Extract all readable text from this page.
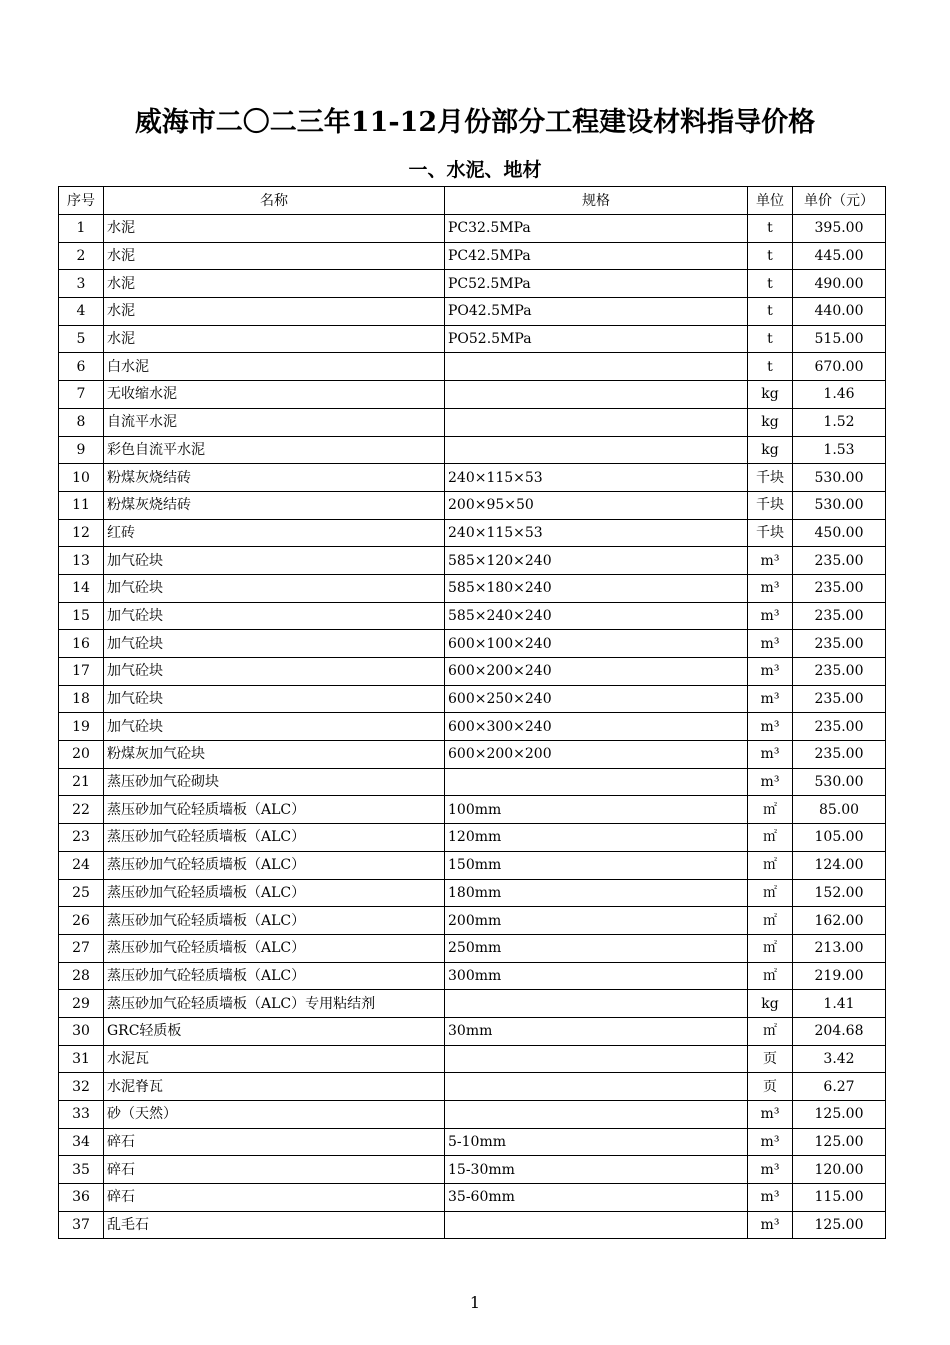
威海市二〇二三年11-12月份部分工程建设材料指导价格
一、水泥、地材
序号	名称	规格	单位	单价（元）
1	水泥	PC32.5MPa	t	395.00
2	水泥	PC42.5MPa	t	445.00
3	水泥	PC52.5MPa	t	490.00
4	水泥	PO42.5MPa	t	440.00
5	水泥	PO52.5MPa	t	515.00
6	白水泥		t	670.00
7	无收缩水泥		kg	1.46
8	自流平水泥		kg	1.52
9	彩色自流平水泥		kg	1.53
10	粉煤灰烧结砖	240×115×53	千块	530.00
11	粉煤灰烧结砖	200×95×50	千块	530.00
12	红砖	240×115×53	千块	450.00
13	加气砼块	585×120×240	m³	235.00
14	加气砼块	585×180×240	m³	235.00
15	加气砼块	585×240×240	m³	235.00
16	加气砼块	600×100×240	m³	235.00
17	加气砼块	600×200×240	m³	235.00
18	加气砼块	600×250×240	m³	235.00
19	加气砼块	600×300×240	m³	235.00
20	粉煤灰加气砼块	600×200×200	m³	235.00
21	蒸压砂加气砼砌块		m³	530.00
22	蒸压砂加气砼轻质墙板（ALC）	100mm	㎡	85.00
23	蒸压砂加气砼轻质墙板（ALC）	120mm	㎡	105.00
24	蒸压砂加气砼轻质墙板（ALC）	150mm	㎡	124.00
25	蒸压砂加气砼轻质墙板（ALC）	180mm	㎡	152.00
26	蒸压砂加气砼轻质墙板（ALC）	200mm	㎡	162.00
27	蒸压砂加气砼轻质墙板（ALC）	250mm	㎡	213.00
28	蒸压砂加气砼轻质墙板（ALC）	300mm	㎡	219.00
29	蒸压砂加气砼轻质墙板（ALC）专用粘结剂		kg	1.41
30	GRC轻质板	30mm	㎡	204.68
31	水泥瓦		页	3.42
32	水泥脊瓦		页	6.27
33	砂（天然）		m³	125.00
34	碎石	5-10mm	m³	125.00
35	碎石	15-30mm	m³	120.00
36	碎石	35-60mm	m³	115.00
37	乱毛石		m³	125.00
1
